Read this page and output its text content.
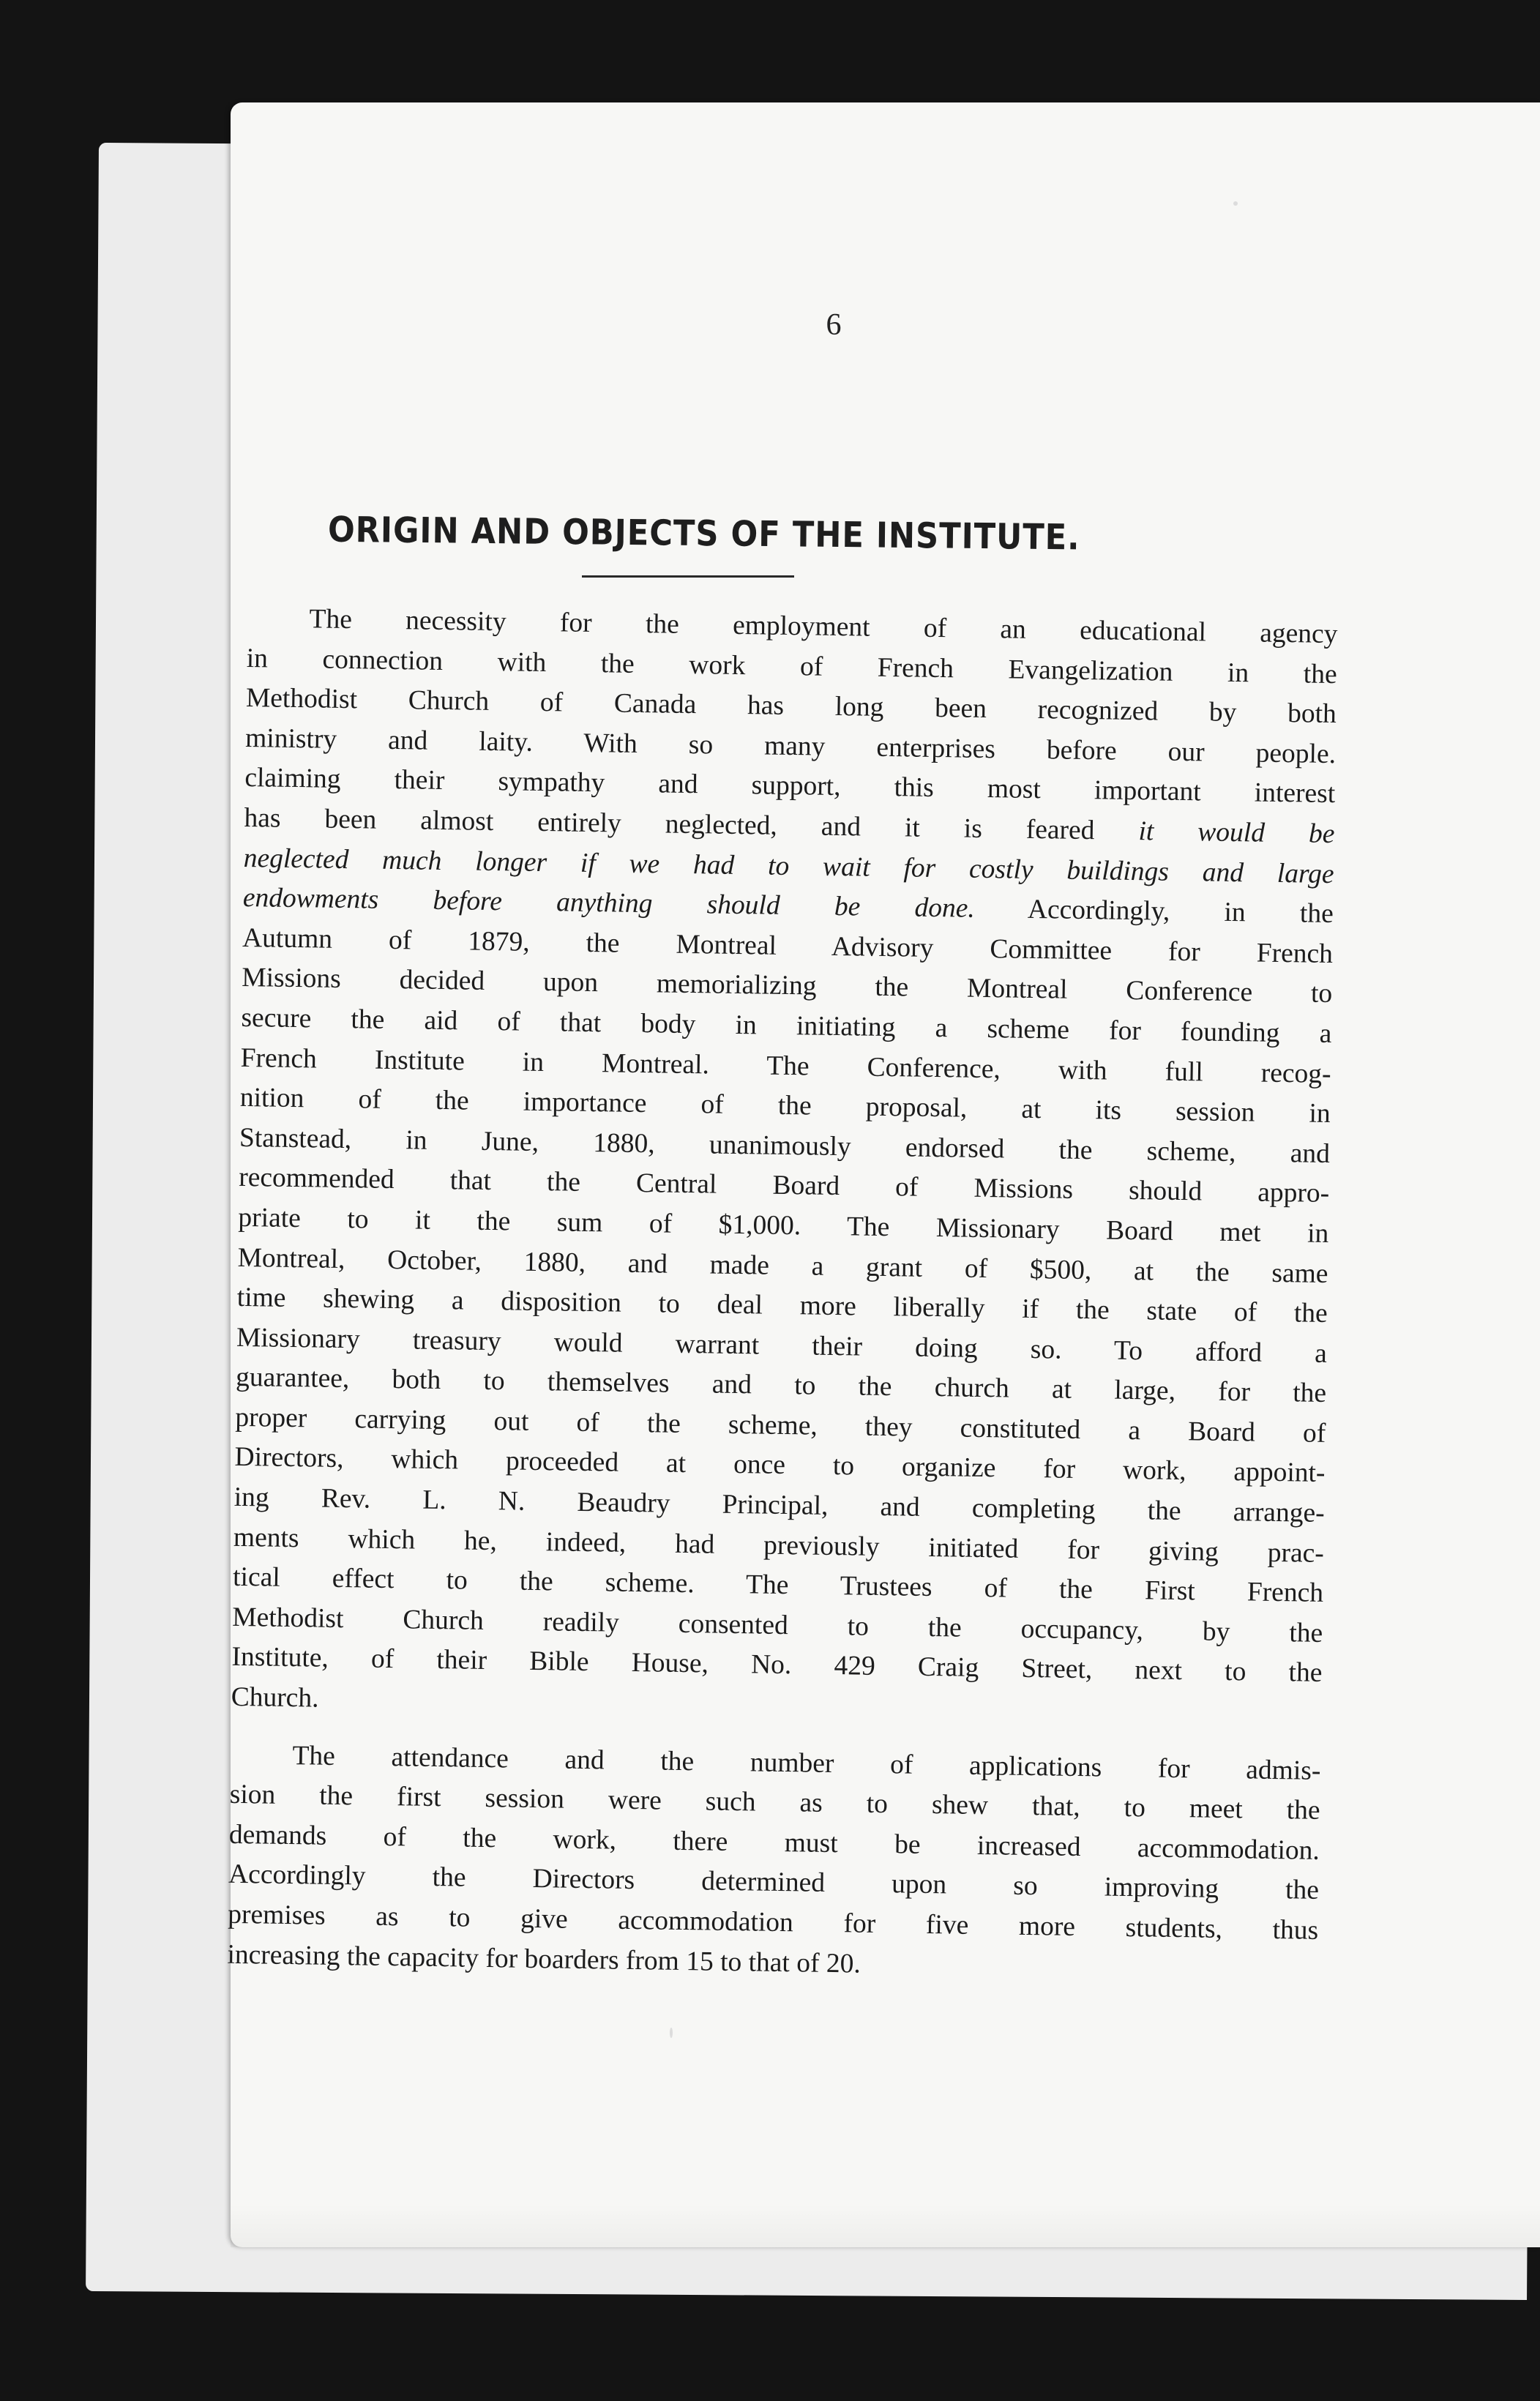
6
ORIGIN AND OBJECTS OF THE INSTITUTE.
The necessity for the employment of an educational agency
in connection with the work of French Evangelization in the
Methodist Church of Canada has long been recognized by both
ministry and laity. With so many enterprises before our people.
claiming their sympathy and support, this most important interest
has been almost entirely neglected, and it is feared it would be
neglected much longer if we had to wait for costly buildings and large
endowments before anything should be done. Accordingly, in the
Autumn of 1879, the Montreal Advisory Committee for French
Missions decided upon memorializing the Montreal Conference to
secure the aid of that body in initiating a scheme for founding a
French Institute in Montreal. The Conference, with full recog-
nition of the importance of the proposal, at its session in
Stanstead, in June, 1880, unanimously endorsed the scheme, and
recommended that the Central Board of Missions should appro-
priate to it the sum of $1,000. The Missionary Board met in
Montreal, October, 1880, and made a grant of $500, at the same
time shewing a disposition to deal more liberally if the state of the
Missionary treasury would warrant their doing so. To afford a
guarantee, both to themselves and to the church at large, for the
proper carrying out of the scheme, they constituted a Board of
Directors, which proceeded at once to organize for work, appoint-
ing Rev. L. N. Beaudry Principal, and completing the arrange-
ments which he, indeed, had previously initiated for giving prac-
tical effect to the scheme. The Trustees of the First French
Methodist Church readily consented to the occupancy, by the
Institute, of their Bible House, No. 429 Craig Street, next to the
Church.
The attendance and the number of applications for admis-
sion the first session were such as to shew that, to meet the
demands of the work, there must be increased accommodation.
Accordingly the Directors determined upon so improving the
premises as to give accommodation for five more students, thus
increasing the capacity for boarders from 15 to that of 20.
